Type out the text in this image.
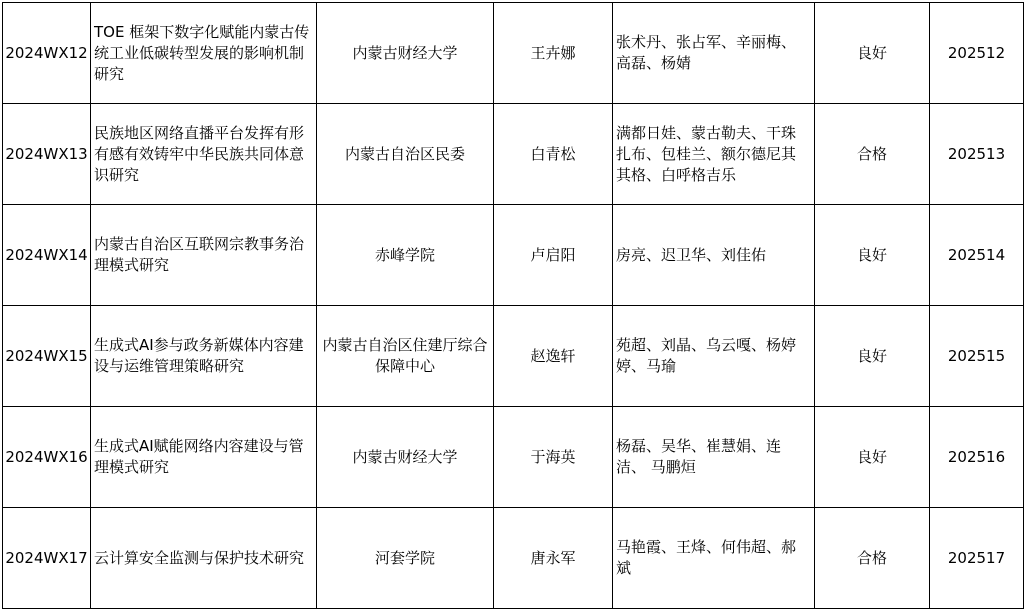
2024WX12	TOE 框架下数字化赋能内蒙古传统工业低碳转型发展的影响机制研究	内蒙古财经大学	王卉娜	张术丹、张占军、辛丽梅、高磊、杨婧	良好	202512
2024WX13	民族地区网络直播平台发挥有形有感有效铸牢中华民族共同体意识研究	内蒙古自治区民委	白青松	满都日娃、蒙古勒夫、干珠扎布、包桂兰、额尔德尼其其格、白呼格吉乐	合格	202513
2024WX14	内蒙古自治区互联网宗教事务治理模式研究	赤峰学院	卢启阳	房亮、迟卫华、刘佳佑	良好	202514
2024WX15	生成式AI参与政务新媒体内容建设与运维管理策略研究	内蒙古自治区住建厅综合保障中心	赵逸轩	苑超、刘晶、乌云嘎、杨婷婷、马瑜	良好	202515
2024WX16	生成式AI赋能网络内容建设与管理模式研究	内蒙古财经大学	于海英	杨磊、吴华、崔慧娟、连洁、 马鹏烜	良好	202516
2024WX17	云计算安全监测与保护技术研究	河套学院	唐永军	马艳霞、王烽、何伟超、郝斌	合格	202517
